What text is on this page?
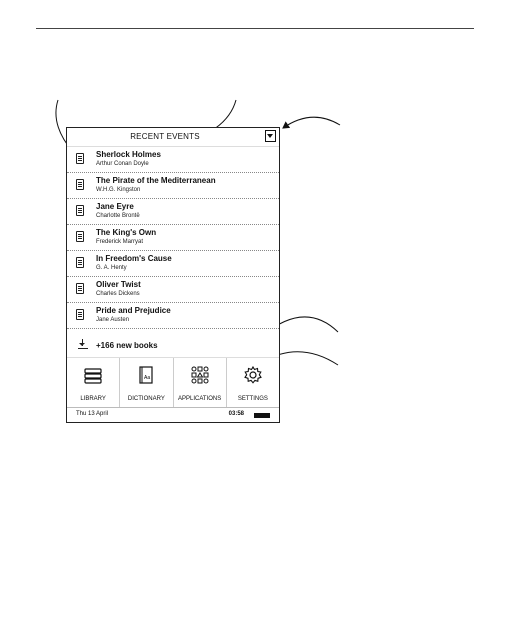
RECENT EVENTS
Sherlock Holmes
Arthur Conan Doyle
The Pirate of the Mediterranean
W.H.G. Kingston
Jane Eyre
Charlotte Brontë
The King's Own
Frederick Marryat
In Freedom's Cause
G. A. Henty
Oliver Twist
Charles Dickens
Pride and Prejudice
Jane Austen
+166 new books
LIBRARY
Aa
DICTIONARY	APPLICATIONS	SETTINGS
Thu 13 April	03:58
